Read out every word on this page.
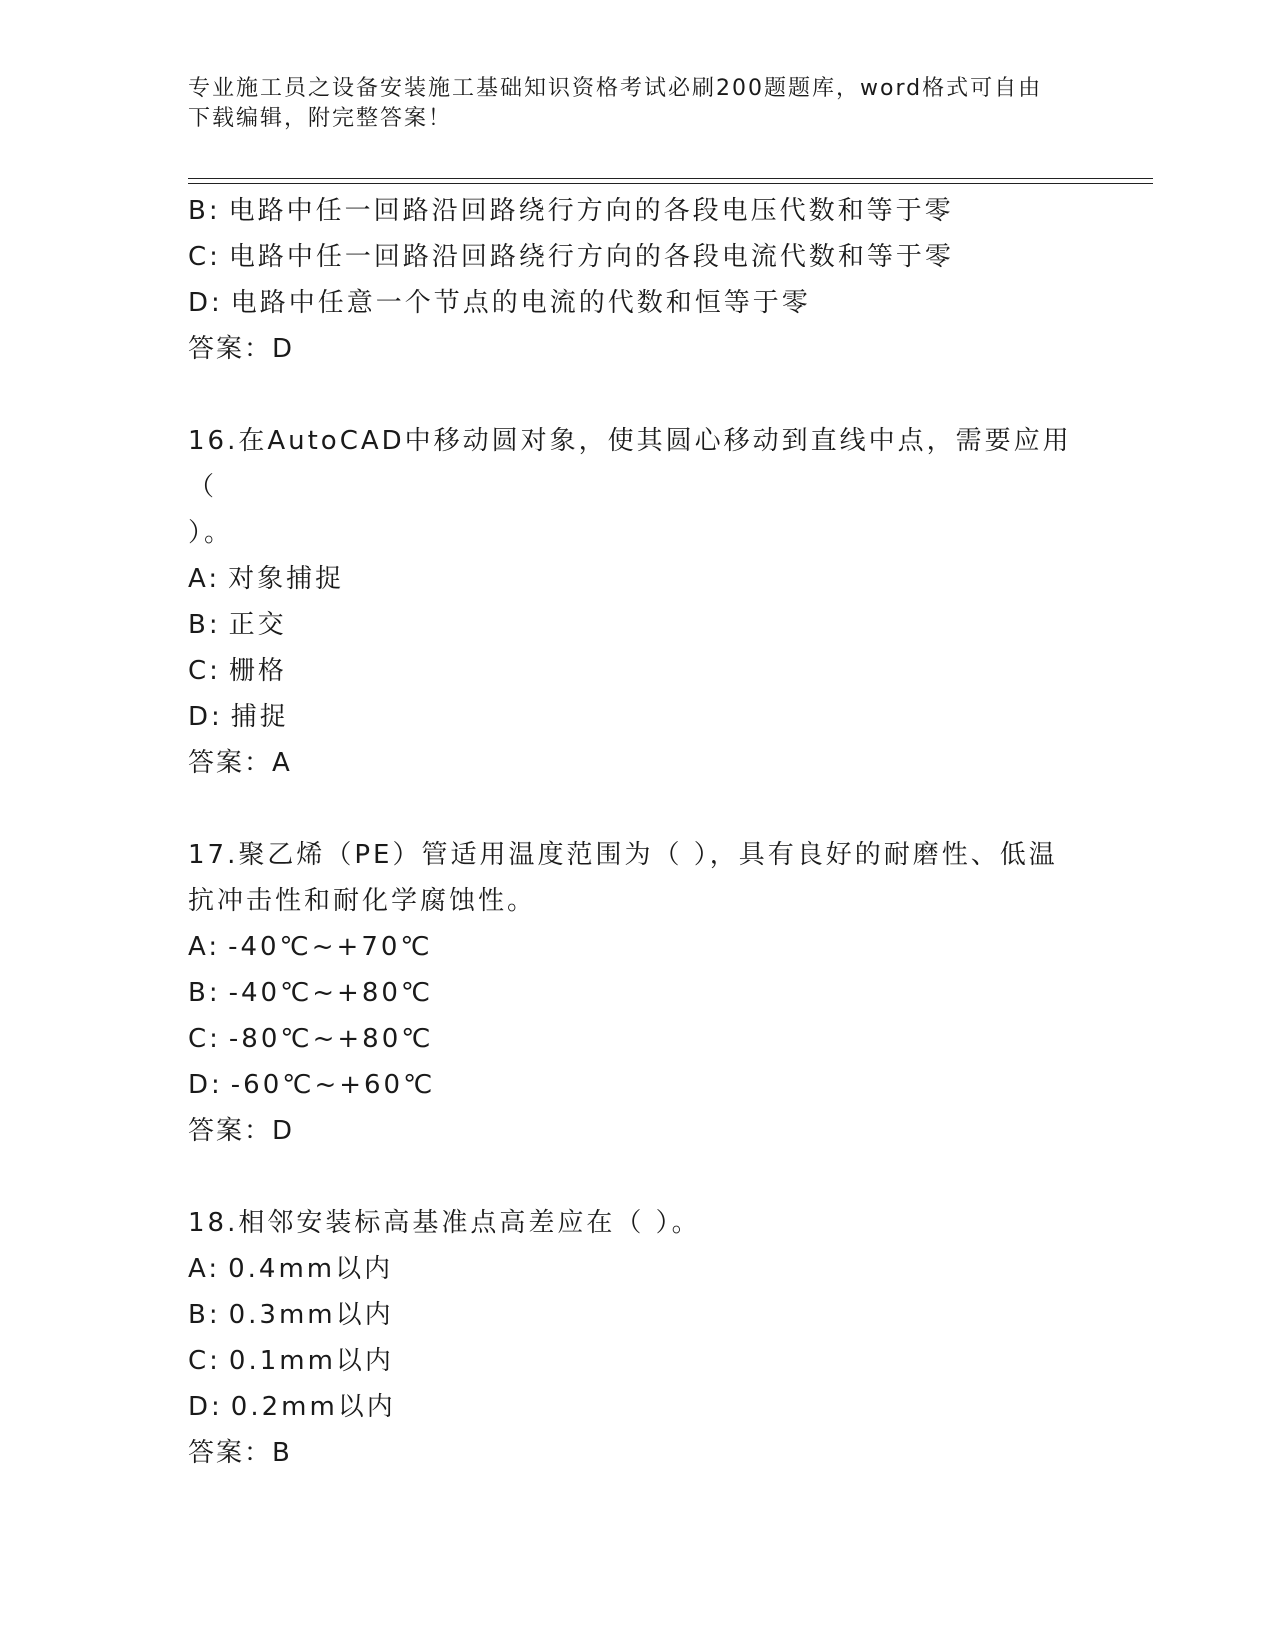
专业施工员之设备安装施工基础知识资格考试必刷200题题库，word格式可自由
下载编辑，附完整答案！
B: 电路中任一回路沿回路绕行方向的各段电压代数和等于零
C: 电路中任一回路沿回路绕行方向的各段电流代数和等于零
D: 电路中任意一个节点的电流的代数和恒等于零
答案：D
16.在AutoCAD中移动圆对象，使其圆心移动到直线中点，需要应用（
）。
A: 对象捕捉
B: 正交
C: 栅格
D: 捕捉
答案：A
17.聚乙烯（PE）管适用温度范围为（ ），具有良好的耐磨性、低温
抗冲击性和耐化学腐蚀性。
A: -40℃~+70℃
B: -40℃~+80℃
C: -80℃~+80℃
D: -60℃~+60℃
答案：D
18.相邻安装标高基准点高差应在（ ）。
A: 0.4mm以内
B: 0.3mm以内
C: 0.1mm以内
D: 0.2mm以内
答案：B
